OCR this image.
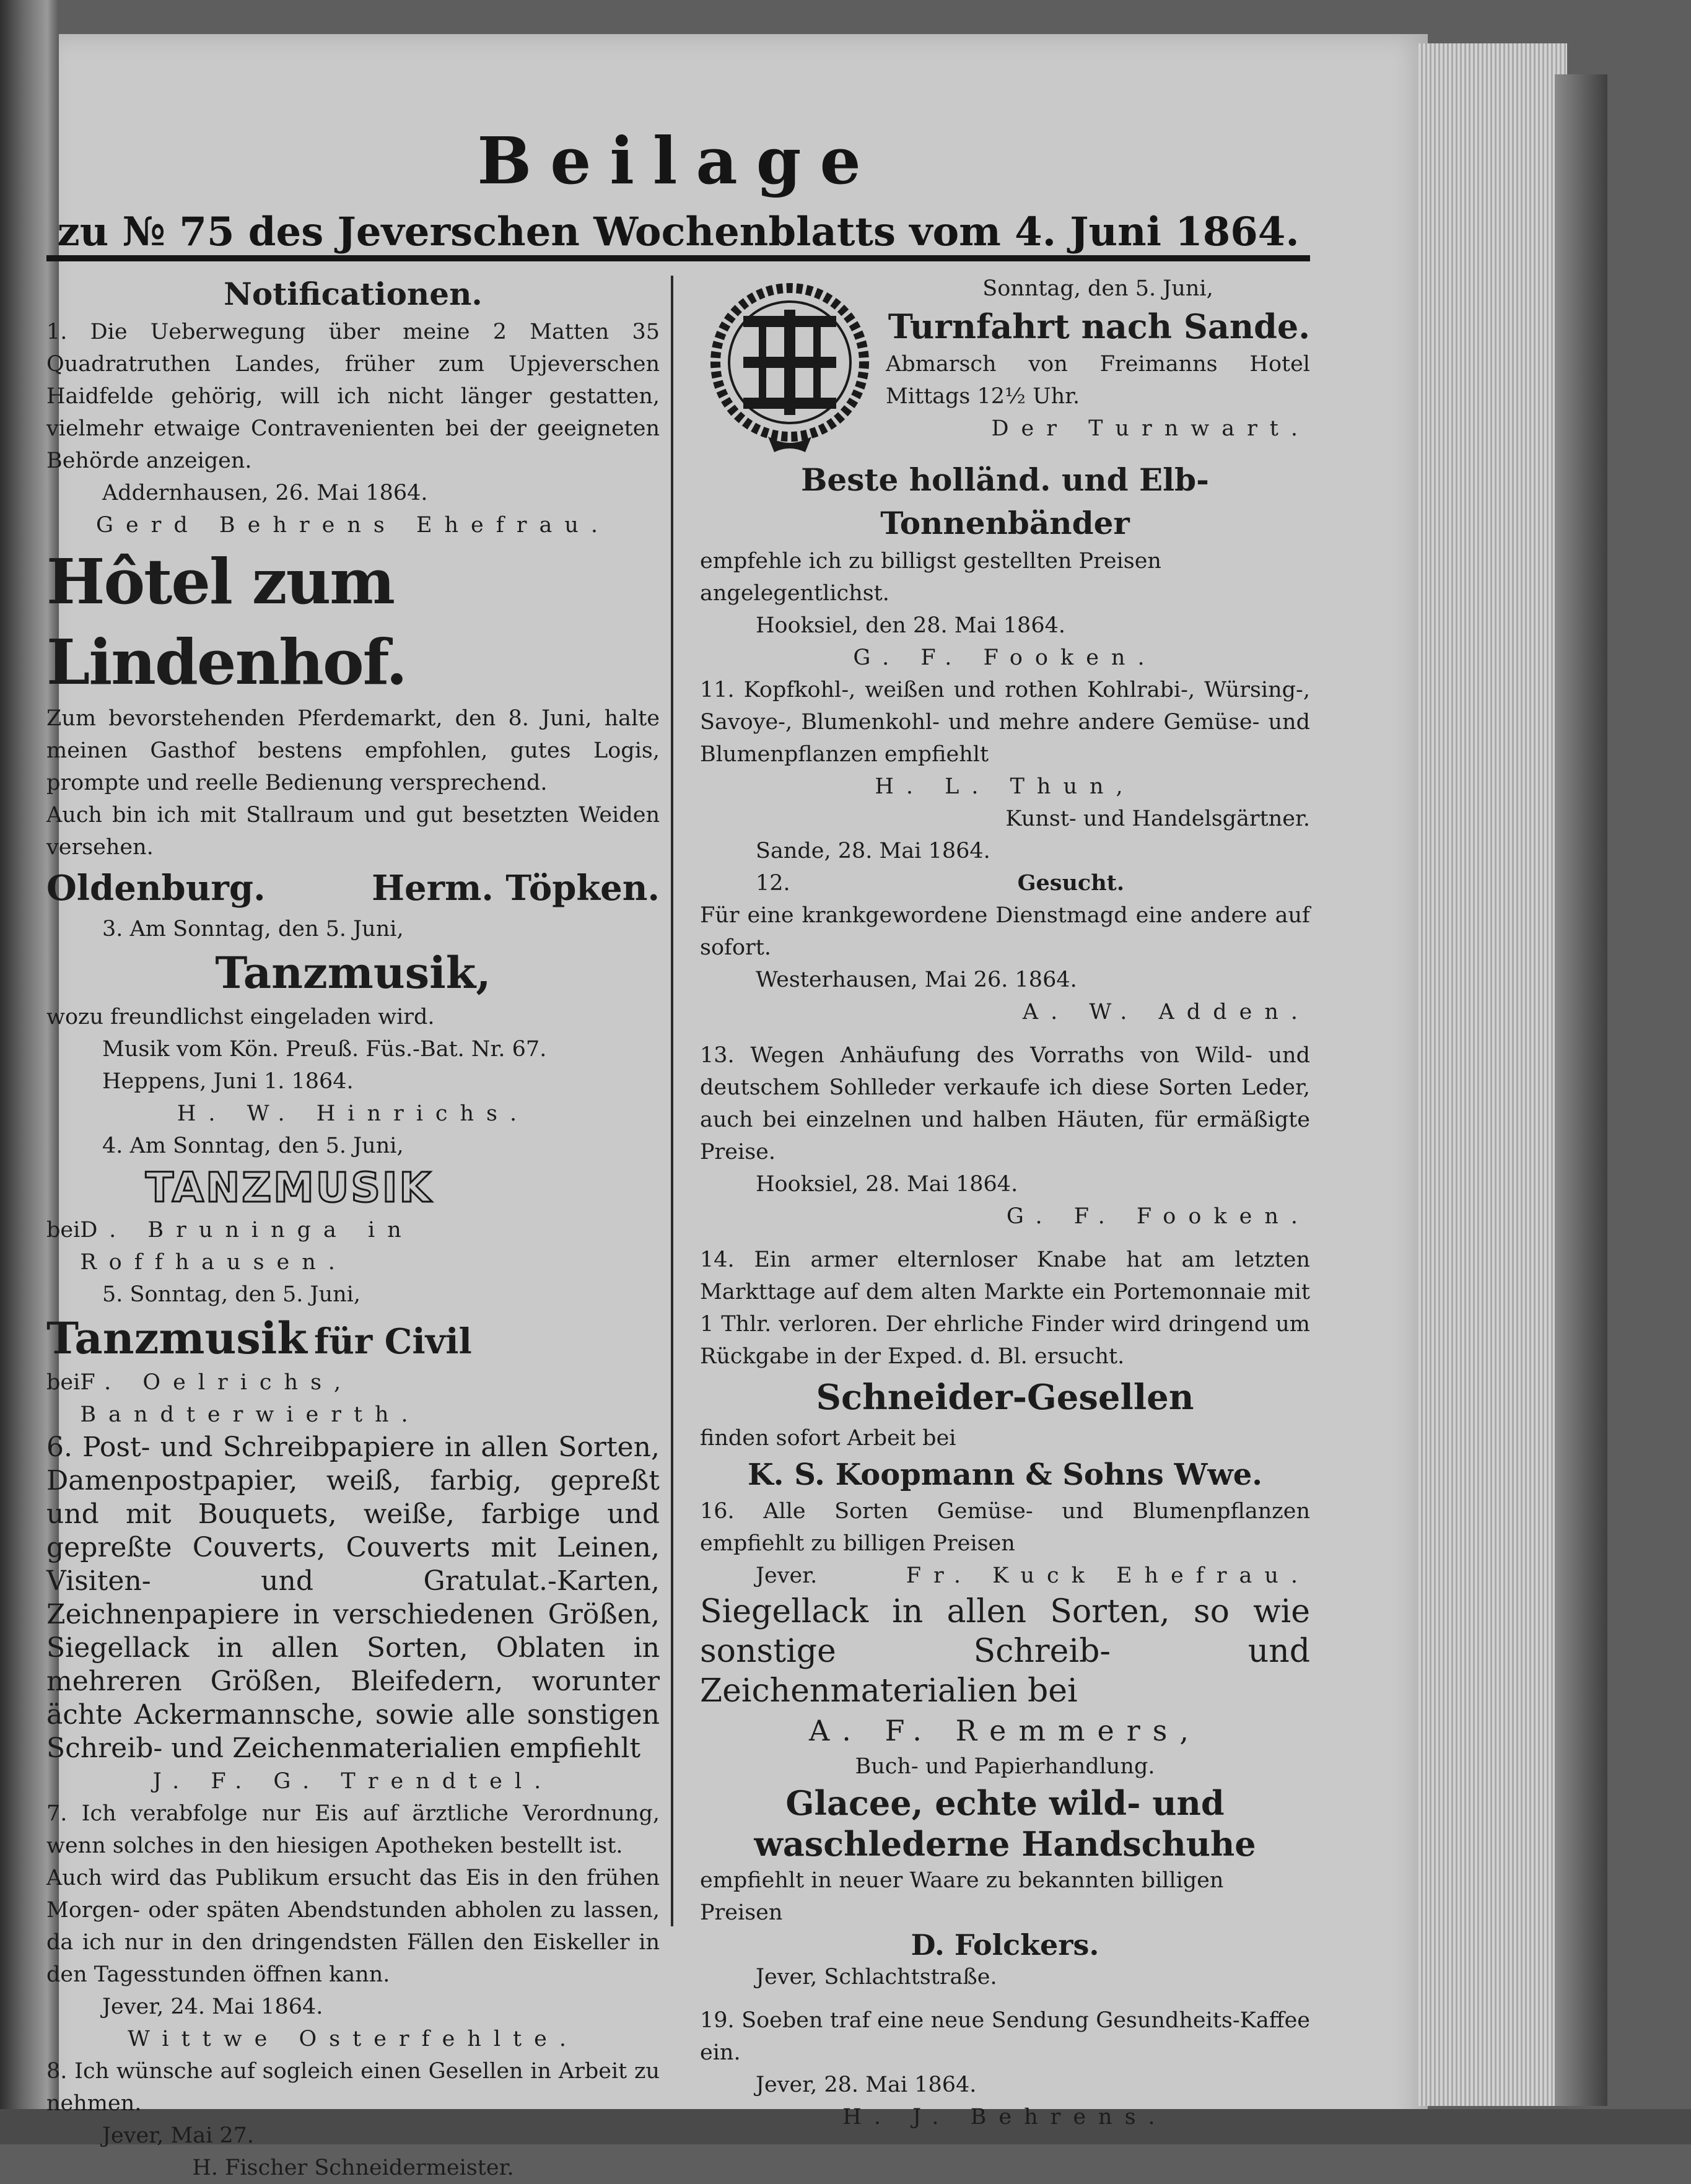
Beilage
zu № 75 des Jeverschen Wochenblatts vom 4. Juni 1864.

Notificationen.

1. Die Ueberwegung über meine 2 Matten 35 Quadratruthen Landes, früher zum Upjeverschen Haidfelde gehörig, will ich nicht länger gestatten, vielmehr etwaige Contravenienten bei der geeigneten Behörde anzeigen.

Addernhausen, 26. Mai 1864.

Gerd Behrens Ehefrau.

Hôtel zum Lindenhof.

Zum bevorstehenden Pferdemarkt, den 8. Juni, halte meinen Gasthof bestens empfohlen, gutes Logis, prompte und reelle Bedienung versprechend.

Auch bin ich mit Stallraum und gut besetzten Weiden versehen.

Oldenburg.	Herm. Töpken.

3. Am Sonntag, den 5. Juni,

Tanzmusik,

wozu freundlichst eingeladen wird.

Musik vom Kön. Preuß. Füs.-Bat. Nr. 67.

Heppens, Juni 1. 1864.

H. W. Hinrichs.

4. Am Sonntag, den 5. Juni,

TANZMUSIK

bei D. Bruninga in Roffhausen.

5. Sonntag, den 5. Juni,

Tanzmusik für Civil

bei F. Oelrichs, Bandterwierth.

6. Post- und Schreibpapiere in allen Sorten, Damenpostpapier, weiß, farbig, gepreßt und mit Bouquets, weiße, farbige und gepreßte Couverts, Couverts mit Leinen, Visiten- und Gratulat.-Karten, Zeichnenpapiere in verschiedenen Größen, Siegellack in allen Sorten, Oblaten in mehreren Größen, Bleifedern, worunter ächte Ackermannsche, sowie alle sonstigen Schreib- und Zeichenmaterialien empfiehlt

J. F. G. Trendtel.

7. Ich verabfolge nur Eis auf ärztliche Verordnung, wenn solches in den hiesigen Apotheken bestellt ist.

Auch wird das Publikum ersucht das Eis in den frühen Morgen- oder späten Abendstunden abholen zu lassen, da ich nur in den dringendsten Fällen den Eiskeller in den Tagesstunden öffnen kann.

Jever, 24. Mai 1864.

Wittwe Osterfehlte.

8. Ich wünsche auf sogleich einen Gesellen in Arbeit zu nehmen.

Jever, Mai 27.

H. Fischer Schneidermeister.

Sonntag, den 5. Juni,

Turnfahrt nach Sande.

Abmarsch von Freimanns Hotel Mittags 12½ Uhr.

Der Turnwart.

Beste holländ. und Elb-Tonnenbänder

empfehle ich zu billigst gestellten Preisen angelegentlichst.

Hooksiel, den 28. Mai 1864.

G. F. Fooken.

11. Kopfkohl-, weißen und rothen Kohlrabi-, Würsing-, Savoye-, Blumenkohl- und mehre andere Gemüse- und Blumenpflanzen empfiehlt

H. L. Thun,

Kunst- und Handelsgärtner.

Sande, 28. Mai 1864.

12.	Gesucht.

Für eine krankgewordene Dienstmagd eine andere auf sofort.

Westerhausen, Mai 26. 1864.

A. W. Adden.

13. Wegen Anhäufung des Vorraths von Wild- und deutschem Sohlleder verkaufe ich diese Sorten Leder, auch bei einzelnen und halben Häuten, für ermäßigte Preise.

Hooksiel, 28. Mai 1864.

G. F. Fooken.

14. Ein armer elternloser Knabe hat am letzten Markttage auf dem alten Markte ein Portemonnaie mit 1 Thlr. verloren. Der ehrliche Finder wird dringend um Rückgabe in der Exped. d. Bl. ersucht.

Schneider-Gesellen

finden sofort Arbeit bei

K. S. Koopmann & Sohns Wwe.

16. Alle Sorten Gemüse- und Blumenpflanzen empfiehlt zu billigen Preisen

Jever.	Fr. Kuck Ehefrau.

Siegellack in allen Sorten, so wie sonstige Schreib- und Zeichenmaterialien bei

A. F. Remmers,

Buch- und Papierhandlung.

Glacee, echte wild- und waschlederne Handschuhe

empfiehlt in neuer Waare zu bekannten billigen Preisen

D. Folckers.

Jever, Schlachtstraße.

19. Soeben traf eine neue Sendung Gesundheits-Kaffee ein.

Jever, 28. Mai 1864.

H. J. Behrens.
